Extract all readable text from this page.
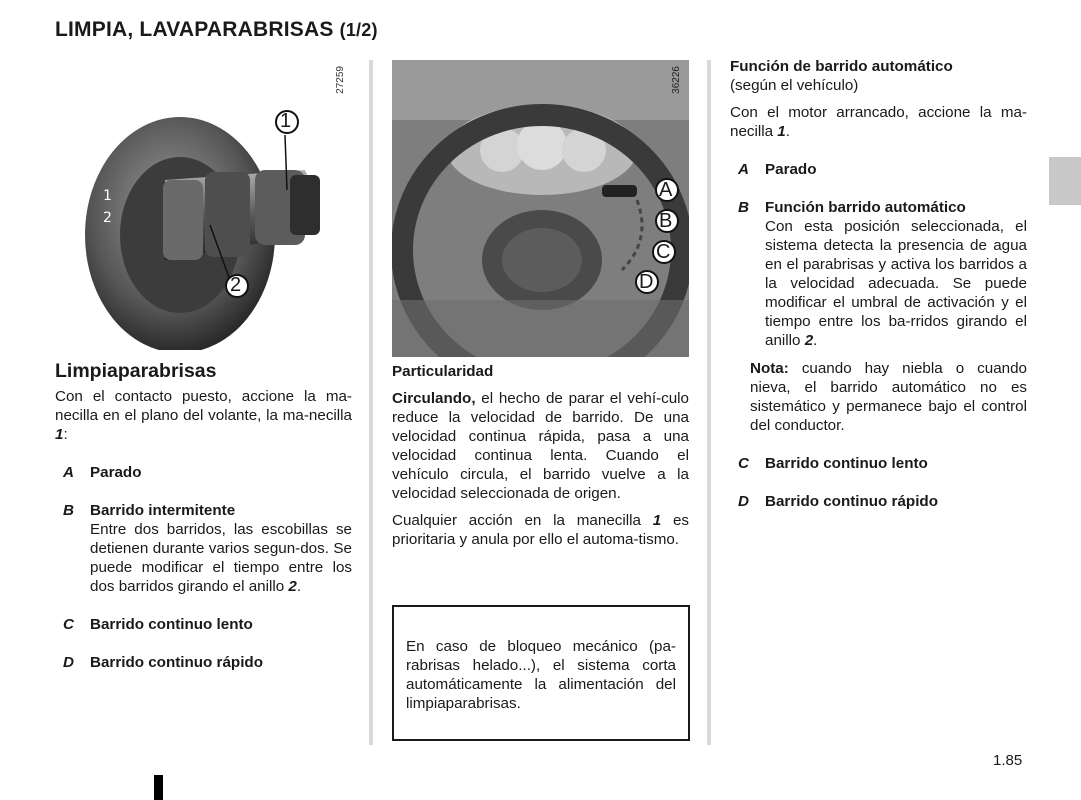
LIMPIA, LAVAPARABRISAS (1/2)
1
2
1
2
27259
A
B
C
D
36226

Limpiaparabrisas

Con el contacto puesto, accione la ma-necilla en el plano del volante, la ma-necilla 1:

A Parado
B Barrido intermitente
Entre dos barridos, las escobillas se detienen durante varios segun-dos. Se puede modificar el tiempo entre los dos barridos girando el anillo 2.
C Barrido continuo lento
D Barrido continuo rápido

Particularidad

Circulando, el hecho de parar el vehí-culo reduce la velocidad de barrido. De una velocidad continua rápida, pasa a una velocidad continua lenta. Cuando el vehículo circula, el barrido vuelve a la velocidad seleccionada de origen.

Cualquier acción en la manecilla 1 es prioritaria y anula por ello el automa-tismo.

En caso de bloqueo mecánico (pa-rabrisas helado...), el sistema corta automáticamente la alimentación del limpiaparabrisas.

Función de barrido automático

(según el vehículo)

Con el motor arrancado, accione la ma-necilla 1.

A Parado
B Función barrido automático
Con esta posición seleccionada, el sistema detecta la presencia de agua en el parabrisas y activa los barridos a la velocidad adecuada. Se puede modificar el umbral de activación y el tiempo entre los ba-rridos girando el anillo 2.

Nota: cuando hay niebla o cuando nieva, el barrido automático no es sistemático y permanece bajo el control del conductor.

C Barrido continuo lento
D Barrido continuo rápido
1.85
